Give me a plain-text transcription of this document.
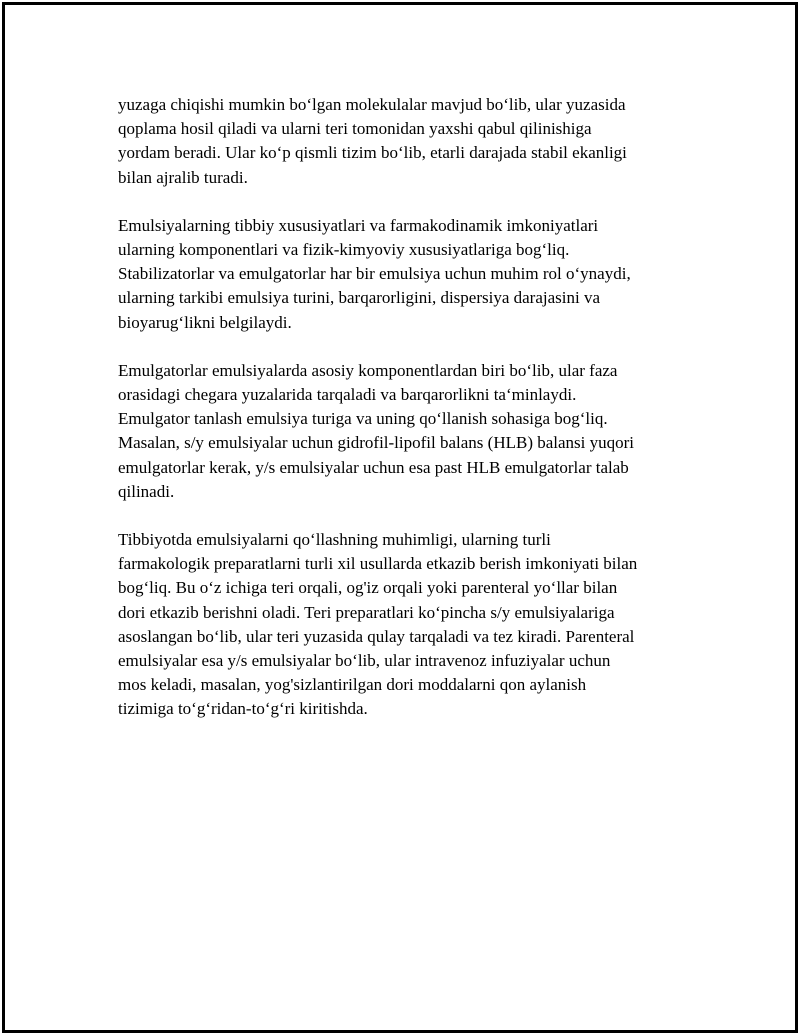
yuzaga chiqishi mumkin boʻlgan molekulalar mavjud boʻlib, ular yuzasida
qoplama hosil qiladi va ularni teri tomonidan yaxshi qabul qilinishiga
yordam beradi. Ular koʻp qismli tizim boʻlib, etarli darajada stabil ekanligi
bilan ajralib turadi.

Emulsiyalarning tibbiy xususiyatlari va farmakodinamik imkoniyatlari
ularning komponentlari va fizik-kimyoviy xususiyatlariga bogʻliq.
Stabilizatorlar va emulgatorlar har bir emulsiya uchun muhim rol oʻynaydi,
ularning tarkibi emulsiya turini, barqarorligini, dispersiya darajasini va
bioyarugʻlikni belgilaydi.

Emulgatorlar emulsiyalarda asosiy komponentlardan biri boʻlib, ular faza
orasidagi chegara yuzalarida tarqaladi va barqarorlikni taʻminlaydi.
Emulgator tanlash emulsiya turiga va uning qoʻllanish sohasiga bogʻliq.
Masalan, s/y emulsiyalar uchun gidrofil-lipofil balans (HLB) balansi yuqori
emulgatorlar kerak, y/s emulsiyalar uchun esa past HLB emulgatorlar talab
qilinadi.

Tibbiyotda emulsiyalarni qoʻllashning muhimligi, ularning turli
farmakologik preparatlarni turli xil usullarda etkazib berish imkoniyati bilan
bogʻliq. Bu oʻz ichiga teri orqali, og'iz orqali yoki parenteral yoʻllar bilan
dori etkazib berishni oladi. Teri preparatlari koʻpincha s/y emulsiyalariga
asoslangan boʻlib, ular teri yuzasida qulay tarqaladi va tez kiradi. Parenteral
emulsiyalar esa y/s emulsiyalar boʻlib, ular intravenoz infuziyalar uchun
mos keladi, masalan, yog'sizlantirilgan dori moddalarni qon aylanish
tizimiga toʻgʻridan-toʻgʻri kiritishda.
